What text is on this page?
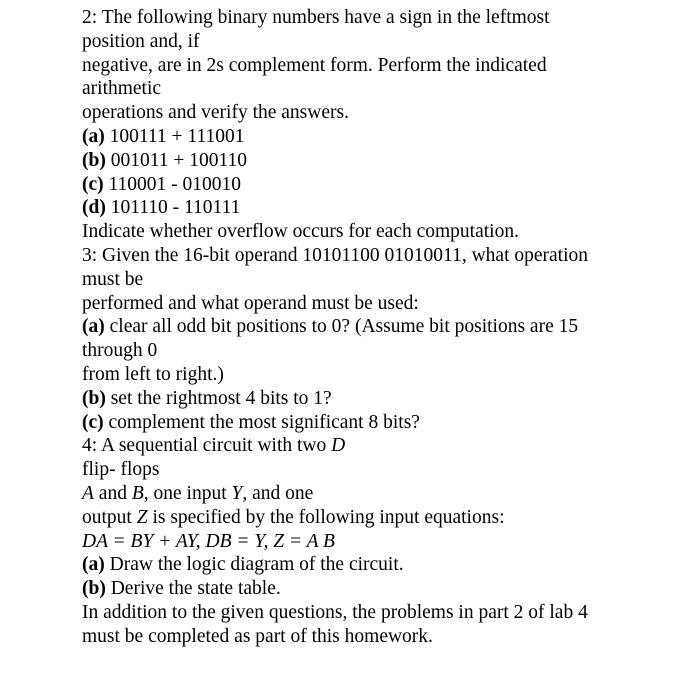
2: The following binary numbers have a sign in the leftmost
position and, if
negative, are in 2s complement form. Perform the indicated
arithmetic
operations and verify the answers.
(a) 100111 + 111001
(b) 001011 + 100110
(c) 110001 - 010010
(d) 101110 - 110111
Indicate whether overflow occurs for each computation.
3: Given the 16-bit operand 10101100 01010011, what operation
must be
performed and what operand must be used:
(a) clear all odd bit positions to 0? (Assume bit positions are 15
through 0
from left to right.)
(b) set the rightmost 4 bits to 1?
(c) complement the most significant 8 bits?
4: A sequential circuit with two D
flip- flops
A and B, one input Y, and one
output Z is specified by the following input equations:
DA = BY + AY, DB = Y, Z = A B
(a) Draw the logic diagram of the circuit.
(b) Derive the state table.
In addition to the given questions, the problems in part 2 of lab 4
must be completed as part of this homework.
